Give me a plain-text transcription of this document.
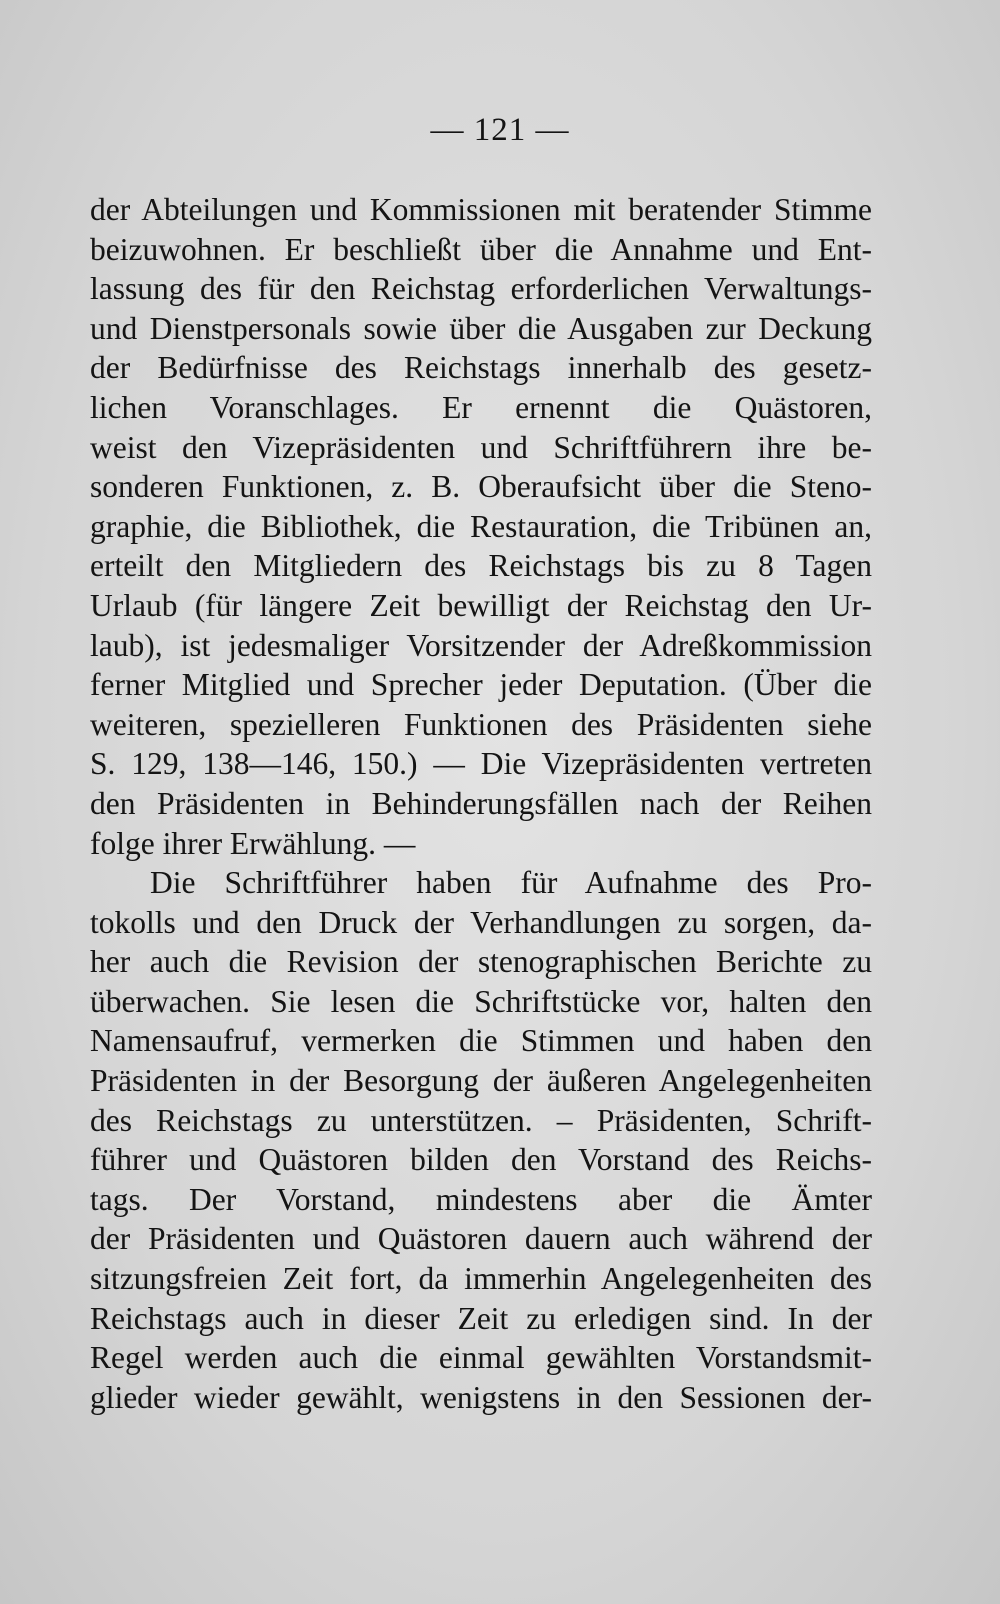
— 121 —
der Abteilungen und Kommissionen mit beratender Stimme
beizuwohnen. Er beschließt über die Annahme und Ent-
lassung des für den Reichstag erforderlichen Verwaltungs-
und Dienstpersonals sowie über die Ausgaben zur Deckung
der Bedürfnisse des Reichstags innerhalb des gesetz-
lichen Voranschlages. Er ernennt die Quästoren,
weist den Vizepräsidenten und Schriftführern ihre be-
sonderen Funktionen, z. B. Oberaufsicht über die Steno-
graphie, die Bibliothek, die Restauration, die Tribünen an,
erteilt den Mitgliedern des Reichstags bis zu 8 Tagen
Urlaub (für längere Zeit bewilligt der Reichstag den Ur-
laub), ist jedesmaliger Vorsitzender der Adreßkommission
ferner Mitglied und Sprecher jeder Deputation. (Über die
weiteren, spezielleren Funktionen des Präsidenten siehe
S. 129, 138—146, 150.) — Die Vizepräsidenten vertreten
den Präsidenten in Behinderungsfällen nach der Reihen
folge ihrer Erwählung. —
Die Schriftführer haben für Aufnahme des Pro-
tokolls und den Druck der Verhandlungen zu sorgen, da-
her auch die Revision der stenographischen Berichte zu
überwachen. Sie lesen die Schriftstücke vor, halten den
Namensaufruf, vermerken die Stimmen und haben den
Präsidenten in der Besorgung der äußeren Angelegenheiten
des Reichstags zu unterstützen. – Präsidenten, Schrift-
führer und Quästoren bilden den Vorstand des Reichs-
tags. Der Vorstand, mindestens aber die Ämter
der Präsidenten und Quästoren dauern auch während der
sitzungsfreien Zeit fort, da immerhin Angelegenheiten des
Reichstags auch in dieser Zeit zu erledigen sind. In der
Regel werden auch die einmal gewählten Vorstandsmit-
glieder wieder gewählt, wenigstens in den Sessionen der-
